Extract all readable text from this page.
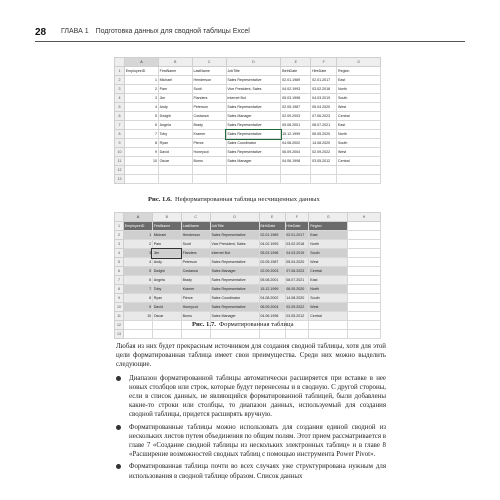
28 ГЛАВА 1 Подготовка данных для сводной таблицы Excel
	A	B	C	D	E	F	G
1	EmployeeID	FirstName	LastName	JobTitle	BirthDate	HireDate	Region
2	1	Michael	Henderson	Sales Representative	02.01.1989	02.01.2017	East
3	2	Pam	Scott	Vice President, Sales	04.02.1993	03.02.2018	North
4	3	Jim	Flanders	Internet Bot	05.03.1998	04.03.2019	South
5	4	Andy	Peterson	Sales Representative	02.05.1987	05.04.2020	West
6	5	Dwight	Costanza	Sales Manager	02.09.2003	07.06.2023	Central
7	6	Angela	Brady	Sales Representative	05.08.2001	08.07.2021	East
8	7	Toby	Kramer	Sales Representative	15.12.1999	06.05.2020	North
9	8	Ryan	Pierce	Sales Coordinator	04.08.2002	14.08.2020	South
10	9	David	Honeycut	Sales Representative	06.09.2004	02.09.2022	West
11	10	Oscar	Burns	Sales Manager	04.06.1998	03.05.2012	Central
12							
13							
Рис. 1.6. Неформатированная таблица несчищенных данных
	A	B	C	D	E	F	G	H
1	EmployeeID	FirstName	LastName	JobTitle	BirthDate	HireDate	Region	
2	1	Michael	Henderson	Sales Representative	02.01.1989	02.01.2017	East	
3	2	Pam	Scott	Vice President, Sales	04.02.1993	03.02.2018	North	
4	3	Jim	Flanders	Internet Bot	05.03.1998	04.03.2019	South	
5	4	Andy	Peterson	Sales Representative	02.05.1987	05.04.2020	West	
6	5	Dwight	Costanza	Sales Manager	02.09.2003	07.06.2023	Central	
7	6	Angela	Brady	Sales Representative	05.08.2001	08.07.2021	East	
8	7	Toby	Kramer	Sales Representative	15.12.1999	06.05.2020	North	
9	8	Ryan	Pierce	Sales Coordinator	04.08.2002	14.08.2020	South	
10	9	David	Honeycut	Sales Representative	06.09.2004	02.09.2022	West	
11	10	Oscar	Burns	Sales Manager	04.06.1998	03.05.2012	Central	
12								
13								
Рис. 1.7. Форматированная таблица

Любая из них будет прекрасным источником для создания сводной таблицы, хотя для этой цели форматированная таблица имеет свои преимущества. Среди них можно выделить следующие.

Диапазон форматированной таблицы автоматически расширяется при вставке в нее новых столбцов или строк, которые будут перенесены и в сводную. С другой стороны, если в список данных, не являющийся форматированной таблицей, были добавлены какие-то строки или столбцы, то диапазон данных, используемый для создания сводной таблицы, придется расширять вручную.
Форматированные таблицы можно использовать для создания единой сводной из нескольких листов путем объединения по общим полям. Этот прием рассматривается в главе 7 «Создание сводной таблицы из нескольких электронных таблиц» и в главе 8 «Расширение возможностей сводных таблиц с помощью инструмента Power Pivot».
Форматированная таблица почти во всех случаях уже структурирована нужным для использования в сводной таблице образом. Список данных
